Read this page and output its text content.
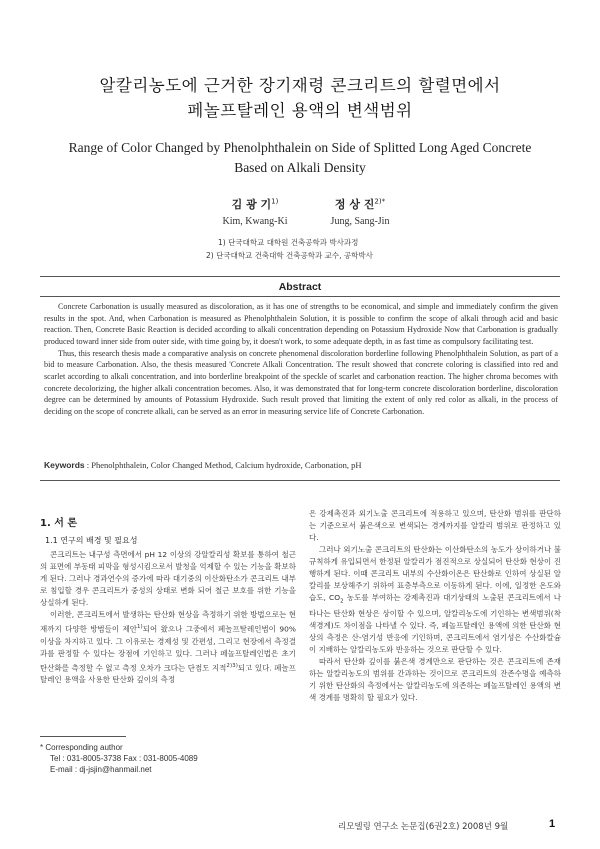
알칼리농도에 근거한 장기재령 콘크리트의 할렬면에서
페놀프탈레인 용액의 변색범위
Range of Color Changed by Phenolphthalein on Side of Splitted Long Aged Concrete
Based on Alkali Density
김 광 기$^{1)}$
Kim, Kwang-Ki
정 상 진$^{2)*}$
Jung, Sang-Jin
1) 단국대학교 대학원 건축공학과 박사과정
2) 단국대학교 건축대학 건축공학과 교수, 공학박사
Abstract

Concrete Carbonation is usually measured as discoloration, as it has one of strengths to be economical, and simple and immediately confirm the given results in the spot. And, when Carbonation is measured as Phenolphthalein Solution, it is possible to confirm the scope of alkali through acid and basic reaction. Then, Concrete Basic Reaction is decided according to alkali concentration depending on Potassium Hydroxide Now that Carbonation is gradually produced toward inner side from outer side, with time going by, it doesn't work, to some adequate depth, in as fast time as compulsory facilitating test.

Thus, this research thesis made a comparative analysis on concrete phenomenal discoloration borderline following Phenolphthalein Solution, as part of a bid to measure Carbonation. Also, the thesis measured 'Concrete Alkali Concentration. The result showed that concrete coloring is classified into red and scarlet according to alkali concentration, and into borderline breakpoint of the speckle of scarlet and carbonation reaction. The higher chroma becomes with concrete decolorizing, the higher alkali concentration becomes. Also, it was demonstrated that for long-term concrete discoloration borderline, discoloration degree can be determined by amounts of Potassium Hydroxide. Such result proved that limiting the extent of only red color as alkali, in the process of deciding on the scope of concrete alkali, can be served as an error in measuring service life of Concrete Carbonation.

Keywords : Phenolphthalein, Color Changed Method, Calcium hydroxide, Carbonation, pH
1. 서 론
1.1 연구의 배경 및 필요성

콘크리트는 내구성 측면에서 pH 12 이상의 강알칼리성 확보를 통하여 철근의 표면에 부동태 피막을 형성시킴으로서 발청을 억제할 수 있는 기능을 확보하게 된다. 그러나 경과연수의 증가에 따라 대기중의 이산화탄소가 콘크리트 내부로 침입할 경우 콘크리트가 중성의 상태로 변화 되어 철근 보호를 위한 기능을 상실하게 된다.

이러한, 콘크리트에서 발생하는 탄산화 현상을 측정하기 위한 방법으로는 현재까지 다양한 방법들이 제안$^{1)}$되어 왔으나 그중에서 페놀프탈레인법이 90% 이상을 차지하고 있다. 그 이유로는 경제성 및 간편성, 그리고 현장에서 측정결과를 판정할 수 있다는 장점에 기인하고 있다. 그러나 페놀프탈레인법은 초기 탄산화를 측정할 수 없고 측정 오차가 크다는 단점도 지적$^{2)3)}$되고 있다. 페놀프탈레인 용액을 사용한 탄산화 깊이의 측정

* Corresponding author
Tel : 031-8005-3738 Fax : 031-8005-4089
E-mail : dj-jsjin@hanmail.net

은 강제촉진과 외기노출 콘크리트에 적용하고 있으며, 탄산화 범위를 판단하는 기준으로서 붉은색으로 변색되는 경계까지를 알칼리 범위로 판정하고 있다.

그러나 외기노출 콘크리트의 탄산화는 이산화탄소의 농도가 상이하거나 불규칙하게 유입되면서 한정된 알칼리가 점진적으로 상실되어 탄산화 현상이 진행하게 된다. 이때 콘크리트 내부의 수산화이온은 탄산화로 인하여 상실된 알칼리를 보상해주기 위하여 표층부측으로 이동하게 된다. 이에, 일정한 온도와 습도, $CO_2$ 농도를 부여하는 강제촉진과 대기상태의 노출된 콘크리트에서 나타나는 탄산화 현상은 상이할 수 있으며, 알칼리농도에 기인하는 변색범위(착색경계)도 차이점을 나타낼 수 있다. 즉, 페놀프탈레인 용액에 의한 탄산화 현상의 측정은 산-염기성 반응에 기인하며, 콘크리트에서 염기성은 수산화칼슘이 지배하는 알칼리농도와 반응하는 것으로 판단할 수 있다.

따라서 탄산화 깊이를 붉은색 경계만으로 판단하는 것은 콘크리트에 존재하는 알칼리농도의 범위를 간과하는 것이므로 콘크리트의 잔존수명을 예측하기 위한 탄산화의 측정에서는 알칼리농도에 의존하는 페놀프탈레인 용액의 변색 경계를 명확히 할 필요가 있다.

리모델링 연구소 논문집(6권2호) 2008년 9월	1
